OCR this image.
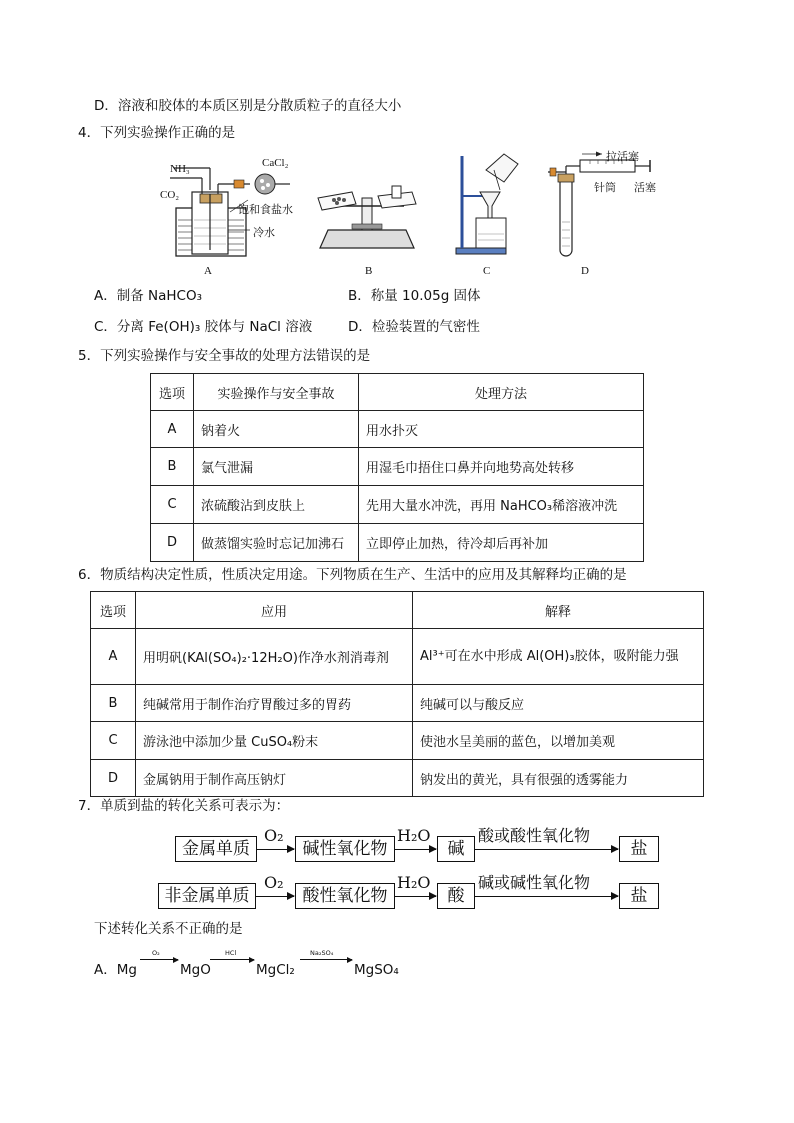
D．溶液和胶体的本质区别是分散质粒子的直径大小
4．下列实验操作正确的是
NH₃
CO₂
CaCl₂
饱和食盐水
冷水
A	B	C
拉活塞
针筒 活塞
D
A．制备 NaHCO₃	B．称量 10.05g 固体
C．分离 Fe(OH)₃ 胶体与 NaCl 溶液	D．检验装置的气密性
5．下列实验操作与安全事故的处理方法错误的是
选项	实验操作与安全事故	处理方法
A	钠着火	用水扑灭
B	氯气泄漏	用湿毛巾捂住口鼻并向地势高处转移
C	浓硫酸沾到皮肤上	先用大量水冲洗，再用 NaHCO₃稀溶液冲洗
D	做蒸馏实验时忘记加沸石	立即停止加热，待冷却后再补加
6．物质结构决定性质，性质决定用途。下列物质在生产、生活中的应用及其解释均正确的是
选项	应用	解释
A	用明矾(KAl(SO₄)₂·12H₂O)作净水剂消毒剂	Al³⁺可在水中形成 Al(OH)₃胶体，吸附能力强
B	纯碱常用于制作治疗胃酸过多的胃药	纯碱可以与酸反应
C	游泳池中添加少量 CuSO₄粉末	使池水呈美丽的蓝色，以增加美观
D	金属钠用于制作高压钠灯	钠发出的黄光，具有很强的透雾能力
7．单质到盐的转化关系可表示为：
金属单质
O₂
碱性氧化物
H₂O
碱
酸或酸性氧化物
盐
非金属单质
O₂
酸性氧化物
H₂O
酸
碱或碱性氧化物
盐
下述转化关系不正确的是
A．Mg
O₂
MgO
HCl
MgCl₂
Na₂SO₄
MgSO₄
